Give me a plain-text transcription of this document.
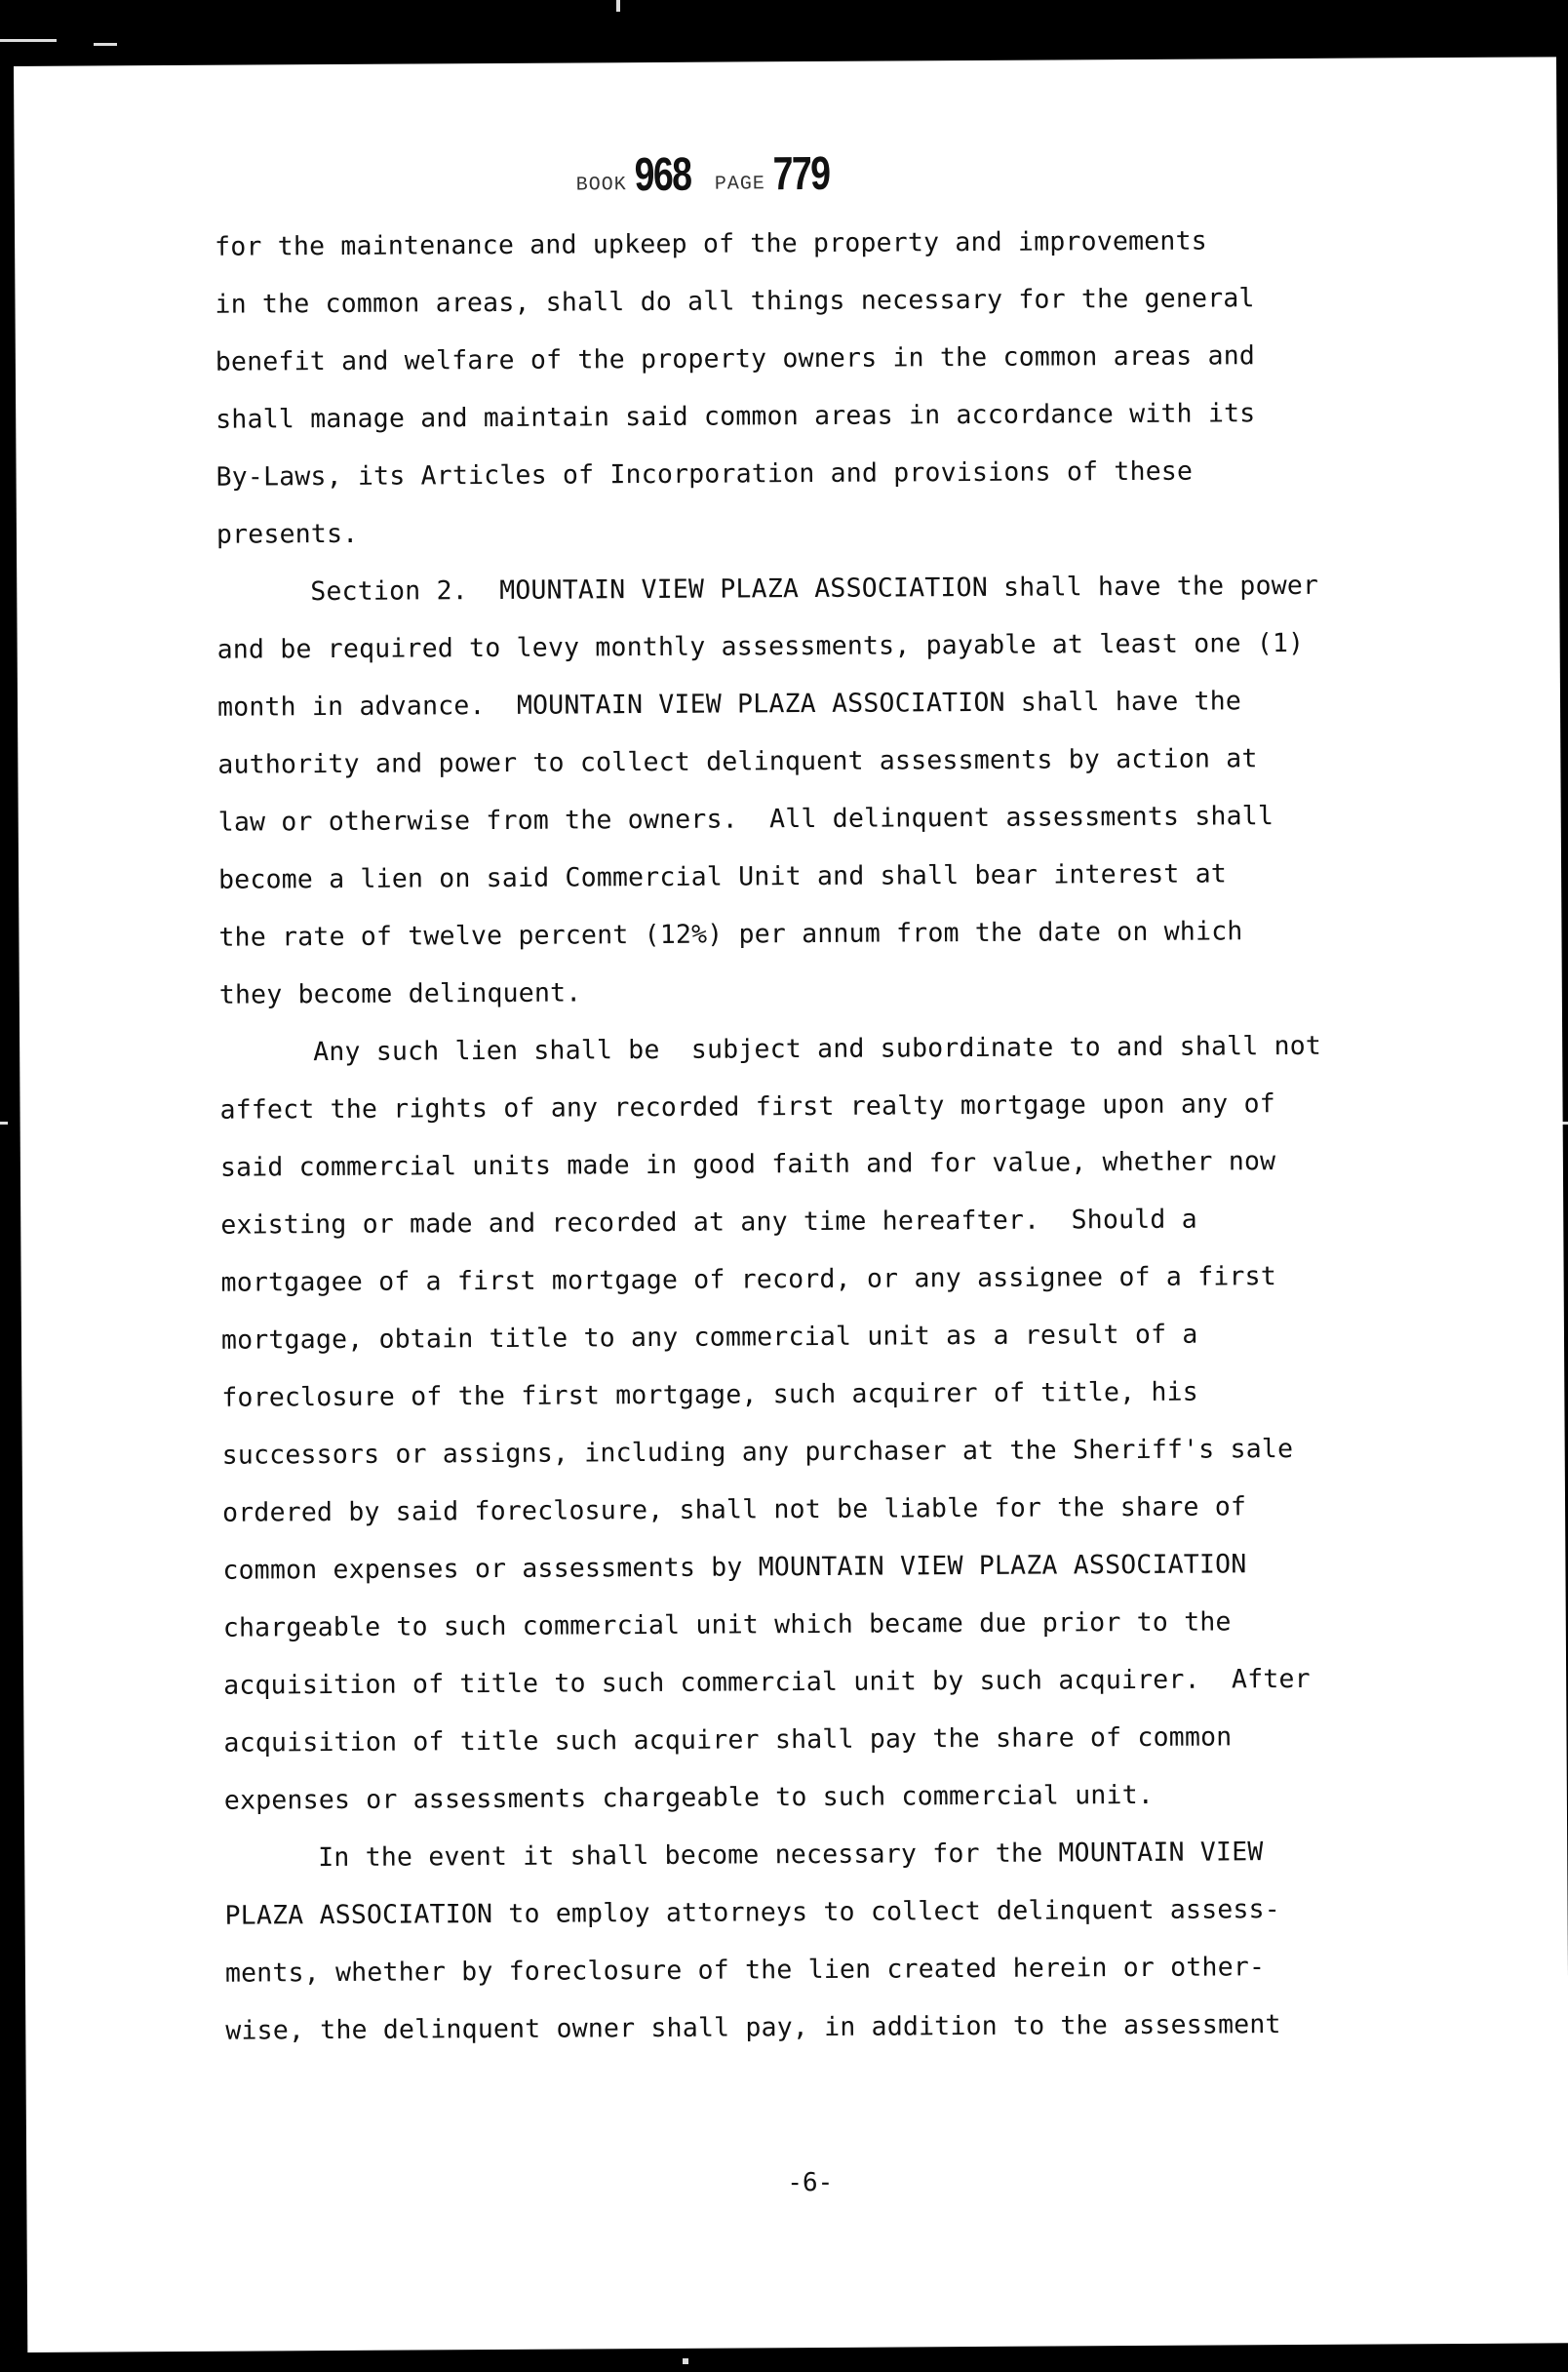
BOOK 968 PAGE 779
for the maintenance and upkeep of the property and improvements
in the common areas, shall do all things necessary for the general
benefit and welfare of the property owners in the common areas and
shall manage and maintain said common areas in accordance with its
By-Laws, its Articles of Incorporation and provisions of these
presents.
Section 2.  MOUNTAIN VIEW PLAZA ASSOCIATION shall have the power
and be required to levy monthly assessments, payable at least one (1)
month in advance.  MOUNTAIN VIEW PLAZA ASSOCIATION shall have the
authority and power to collect delinquent assessments by action at
law or otherwise from the owners.  All delinquent assessments shall
become a lien on said Commercial Unit and shall bear interest at
the rate of twelve percent (12%) per annum from the date on which
they become delinquent.
Any such lien shall be  subject and subordinate to and shall not
affect the rights of any recorded first realty mortgage upon any of
said commercial units made in good faith and for value, whether now
existing or made and recorded at any time hereafter.  Should a
mortgagee of a first mortgage of record, or any assignee of a first
mortgage, obtain title to any commercial unit as a result of a
foreclosure of the first mortgage, such acquirer of title, his
successors or assigns, including any purchaser at the Sheriff's sale
ordered by said foreclosure, shall not be liable for the share of
common expenses or assessments by MOUNTAIN VIEW PLAZA ASSOCIATION
chargeable to such commercial unit which became due prior to the
acquisition of title to such commercial unit by such acquirer.  After
acquisition of title such acquirer shall pay the share of common
expenses or assessments chargeable to such commercial unit.
In the event it shall become necessary for the MOUNTAIN VIEW
PLAZA ASSOCIATION to employ attorneys to collect delinquent assess-
ments, whether by foreclosure of the lien created herein or other-
wise, the delinquent owner shall pay, in addition to the assessment
-6-
